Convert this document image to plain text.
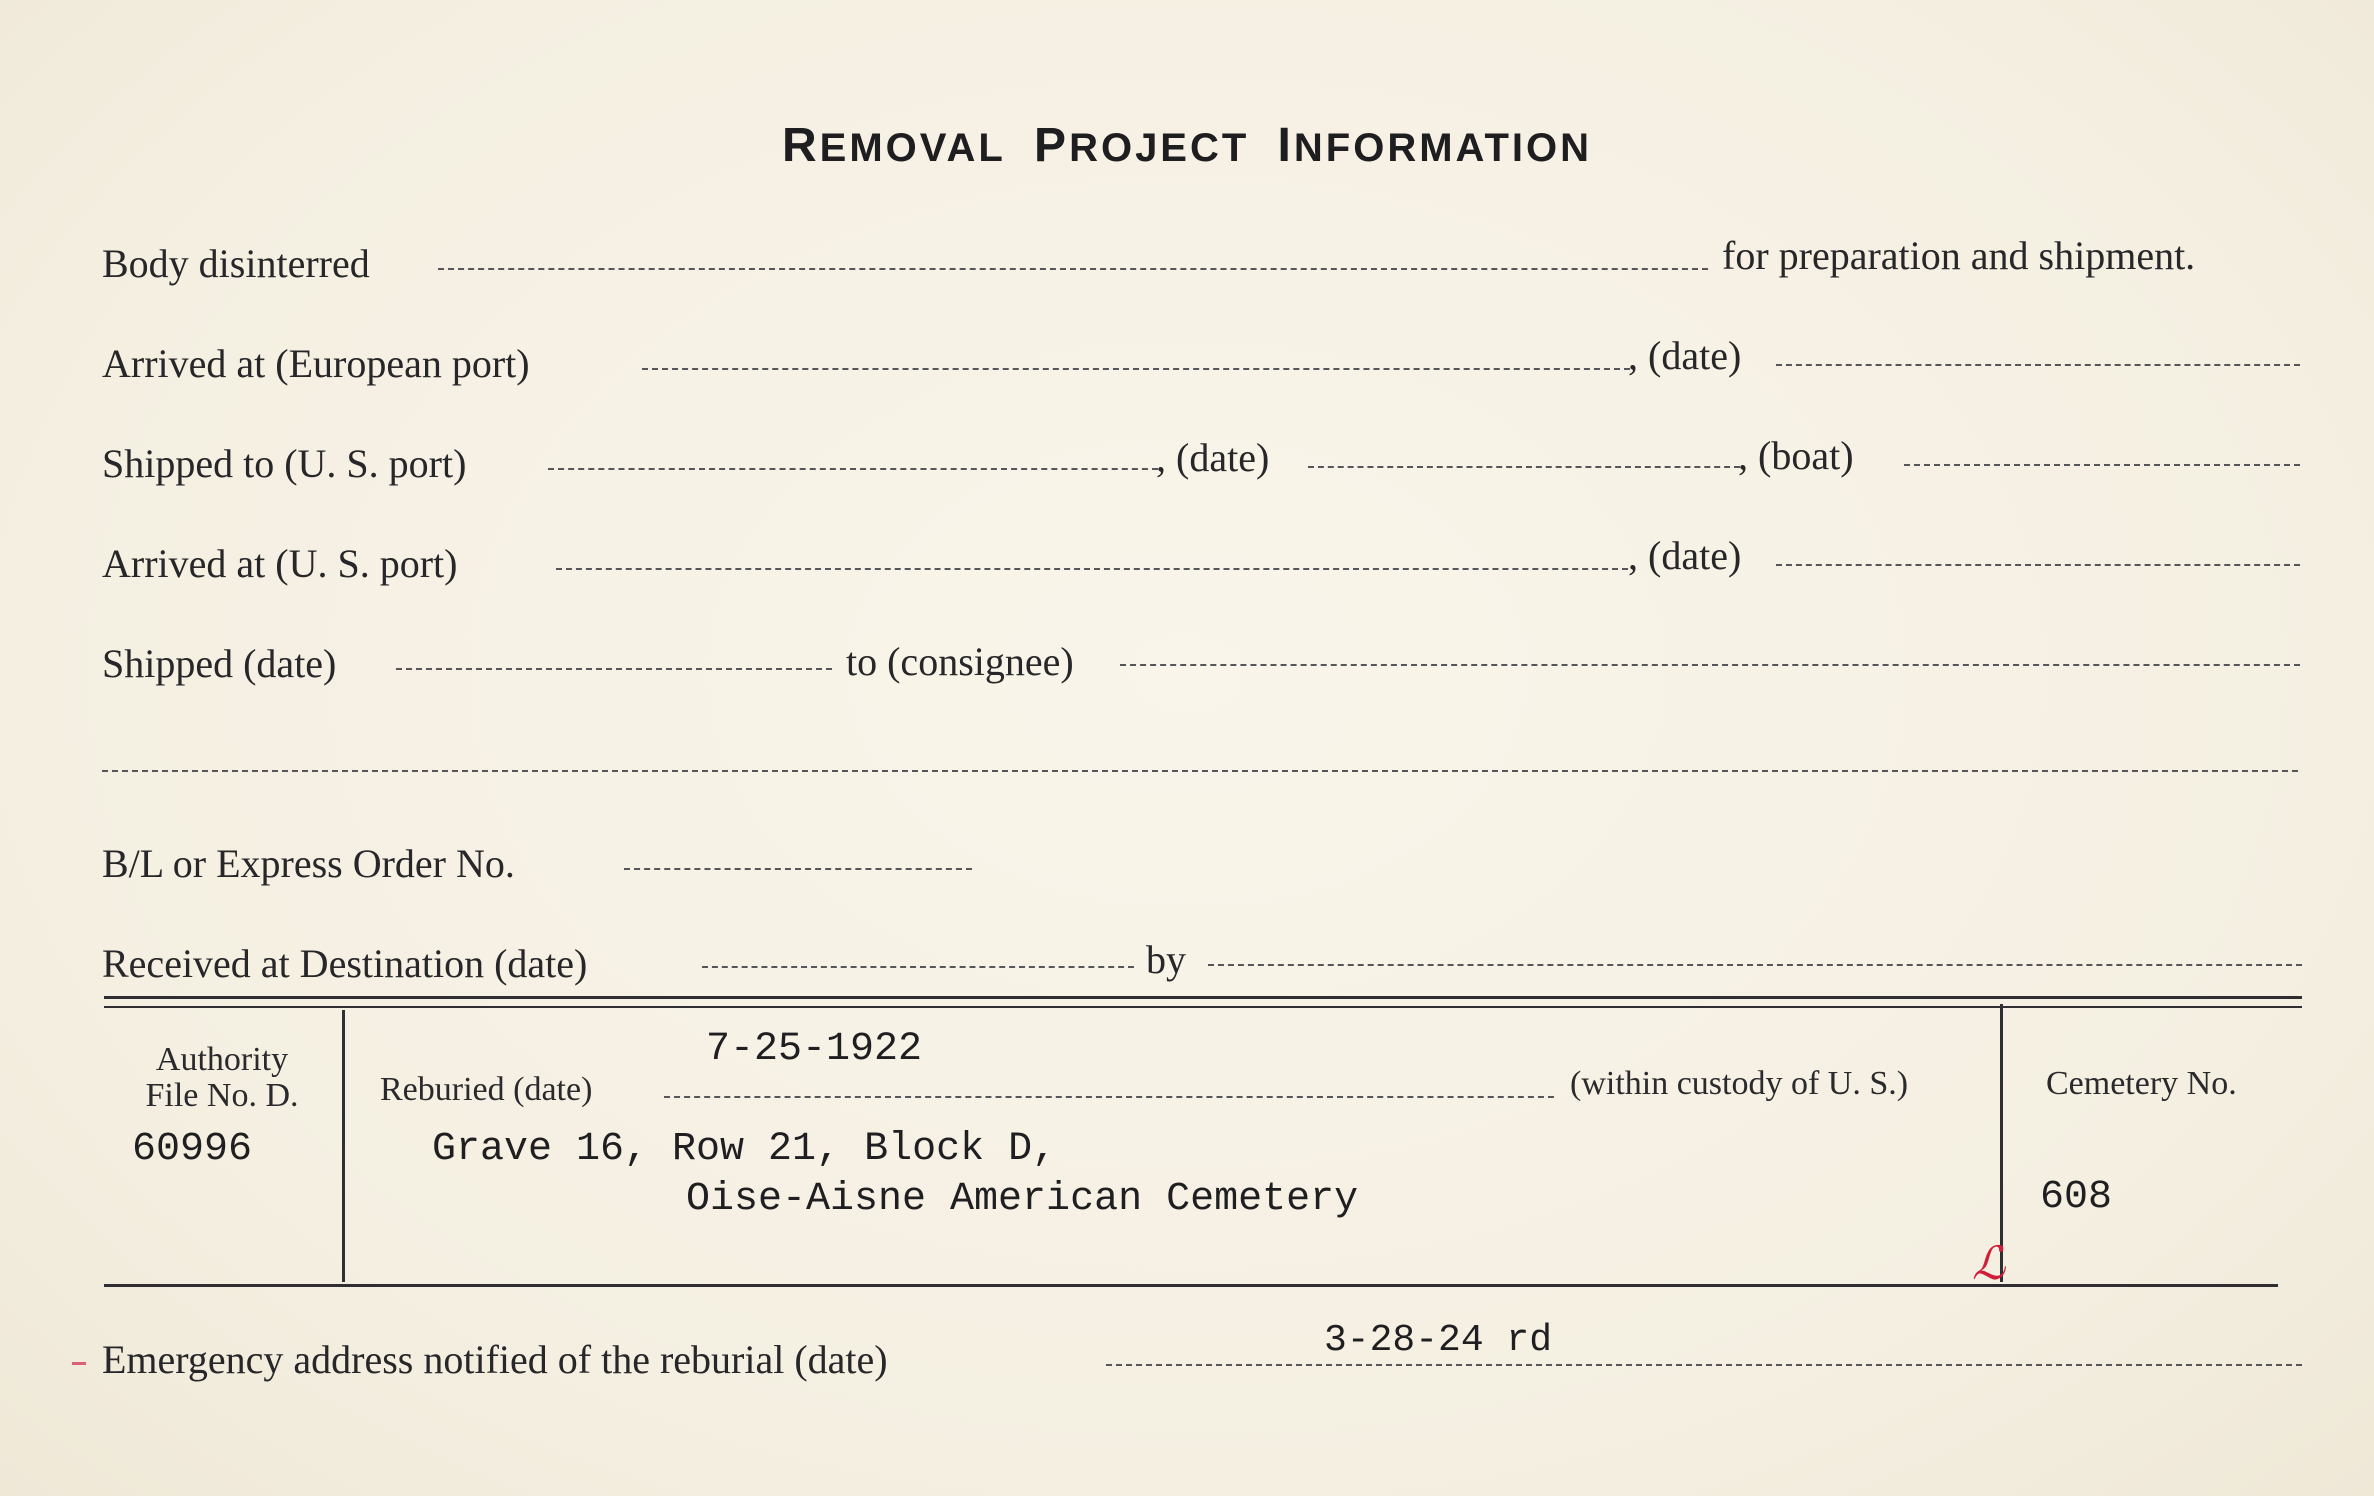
REMOVAL PROJECT INFORMATION
Body disinterred	for preparation and shipment.
Arrived at (European port)	, (date)
Shipped to (U. S. port)	, (date)	, (boat)
Arrived at (U. S. port)	, (date)
Shipped (date)	to (consignee)
B/L or Express Order No.
Received at Destination (date)	by
Authority
File No. D.
60996
7-25-1922
Reburied (date)	(within custody of U. S.)
Grave 16, Row 21, Block D,
Oise-Aisne American Cemetery
Cemetery No.
608
ℒ
Emergency address notified of the reburial (date)	3-28-24 rd
